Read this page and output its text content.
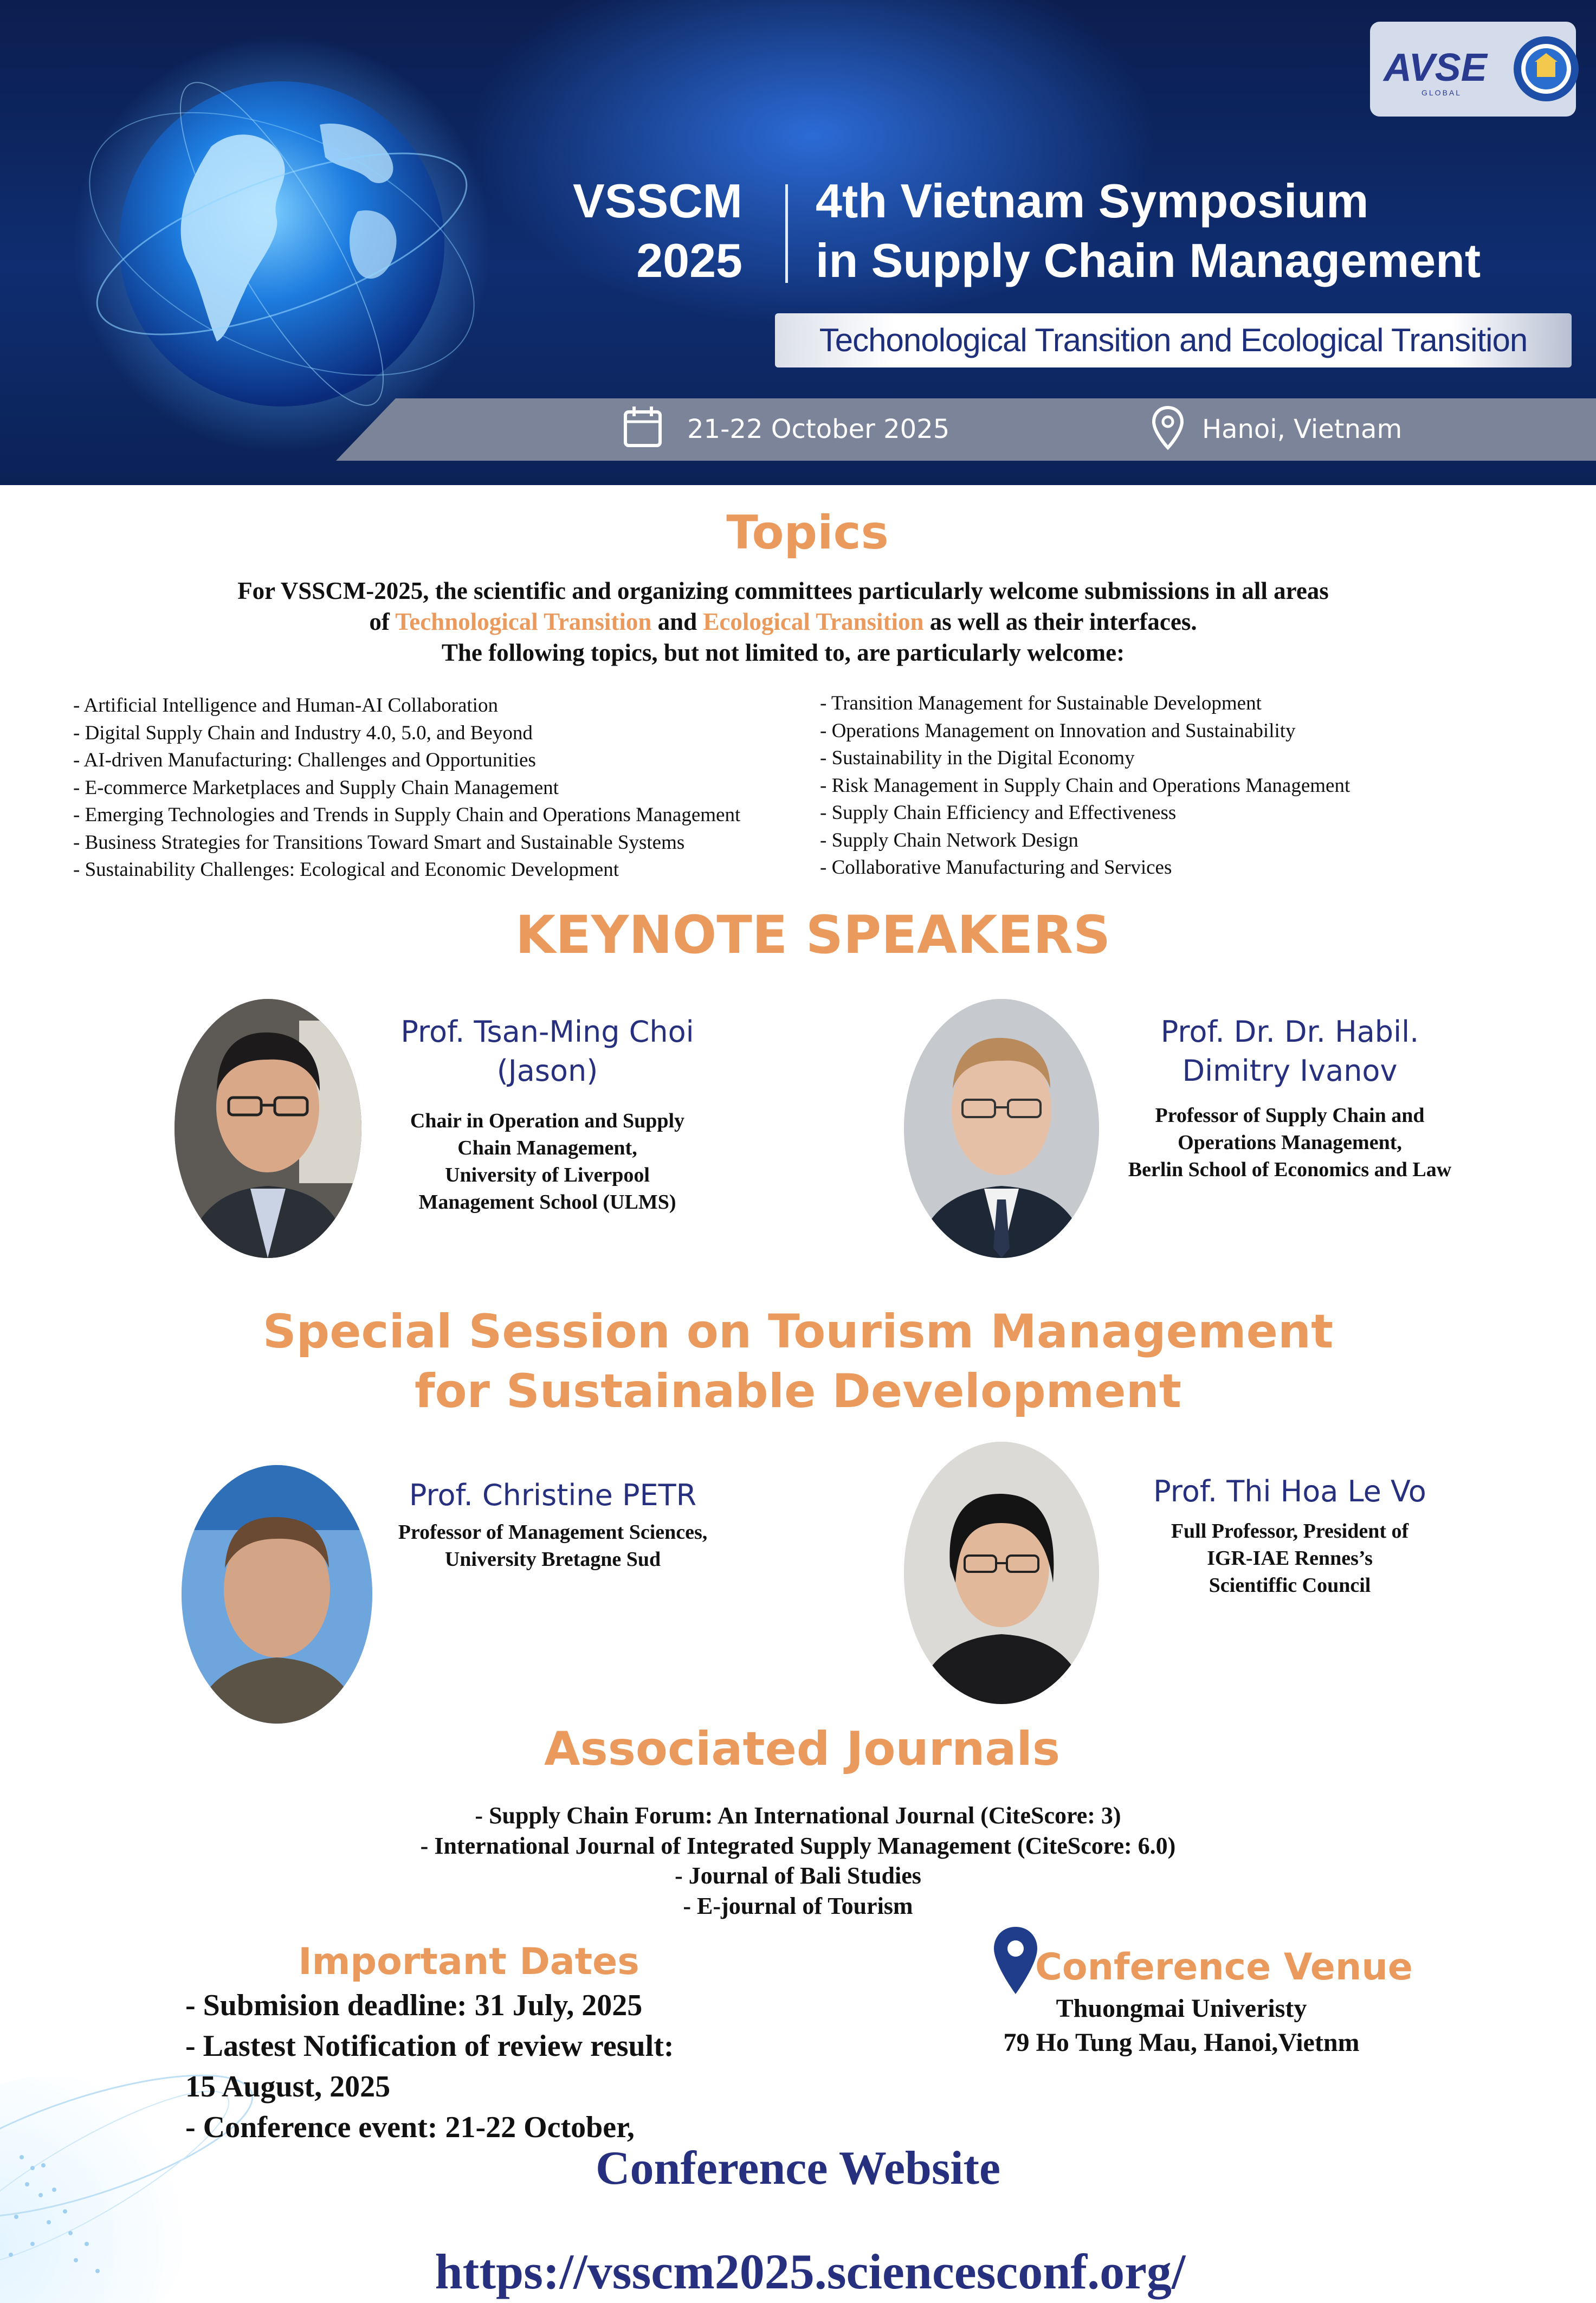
AVSE
GLOBAL
VSSCM
2025
4th Vietnam Symposium
in Supply Chain Management
Techonological Transition and Ecological Transition
21-22 October 2025	Hanoi, Vietnam
Topics
For VSSCM-2025, the scientific and organizing committees particularly welcome submissions in all areas
of Technological Transition and Ecological Transition as well as their interfaces.
The following topics, but not limited to, are particularly welcome:
- Artificial Intelligence and Human-AI Collaboration
- Digital Supply Chain and Industry 4.0, 5.0, and Beyond
- AI-driven Manufacturing: Challenges and Opportunities
- E-commerce Marketplaces and Supply Chain Management
- Emerging Technologies and Trends in Supply Chain and Operations Management
- Business Strategies for Transitions Toward Smart and Sustainable Systems
- Sustainability Challenges: Ecological and Economic Development
- Transition Management for Sustainable Development
- Operations Management on Innovation and Sustainability
- Sustainability in the Digital Economy
- Risk Management in Supply Chain and Operations Management
- Supply Chain Efficiency and Effectiveness
- Supply Chain Network Design
- Collaborative Manufacturing and Services
KEYNOTE SPEAKERS
Prof. Tsan-Ming Choi
(Jason)
Chair in Operation and Supply
Chain Management,
University of Liverpool
Management School (ULMS)
Prof. Dr. Dr. Habil.
Dimitry Ivanov
Professor of Supply Chain and
Operations Management,
Berlin School of Economics and Law
Special Session on Tourism Management
for Sustainable Development
Prof. Christine PETR
Professor of Management Sciences,
University Bretagne Sud
Prof. Thi Hoa Le Vo
Full Professor, President of
IGR-IAE Rennes’s
Scientiffic Council
Associated Journals
- Supply Chain Forum: An International Journal (CiteScore: 3)
- International Journal of Integrated Supply Management (CiteScore: 6.0)
- Journal of Bali Studies
- E-journal of Tourism
Important Dates
- Submision deadline: 31 July, 2025
- Lastest Notification of review result:
15 August, 2025
- Conference event: 21-22 October,
Conference Venue
Thuongmai Univeristy
79 Ho Tung Mau, Hanoi,Vietnm
Conference Website
https://vsscm2025.sciencesconf.org/
